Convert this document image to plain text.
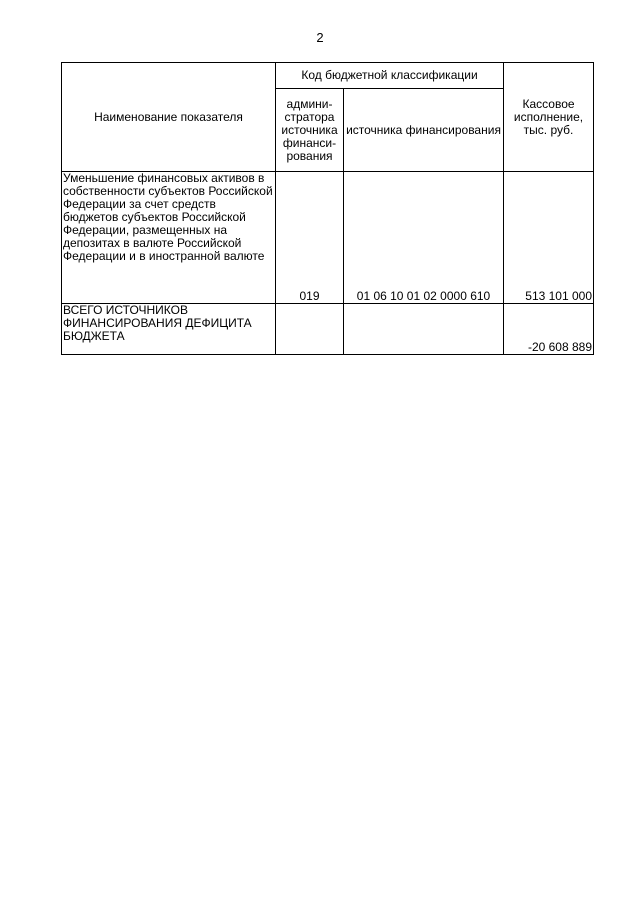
2
Наименование показателя	Код бюджетной классификации		Кассовое исполнение, тыс. руб.
	админи-стратора источника финанси-рования	источника финансирования	
Уменьшение финансовых активов в собственности субъектов Российской Федерации за счет средств бюджетов субъектов Российской Федерации, размещенных на депозитах в валюте Российской Федерации и в иностранной валюте	019	01 06 10 01 02 0000 610	513 101 000
ВСЕГО ИСТОЧНИКОВ ФИНАНСИРОВАНИЯ ДЕФИЦИТА БЮДЖЕТА			-20 608 889
